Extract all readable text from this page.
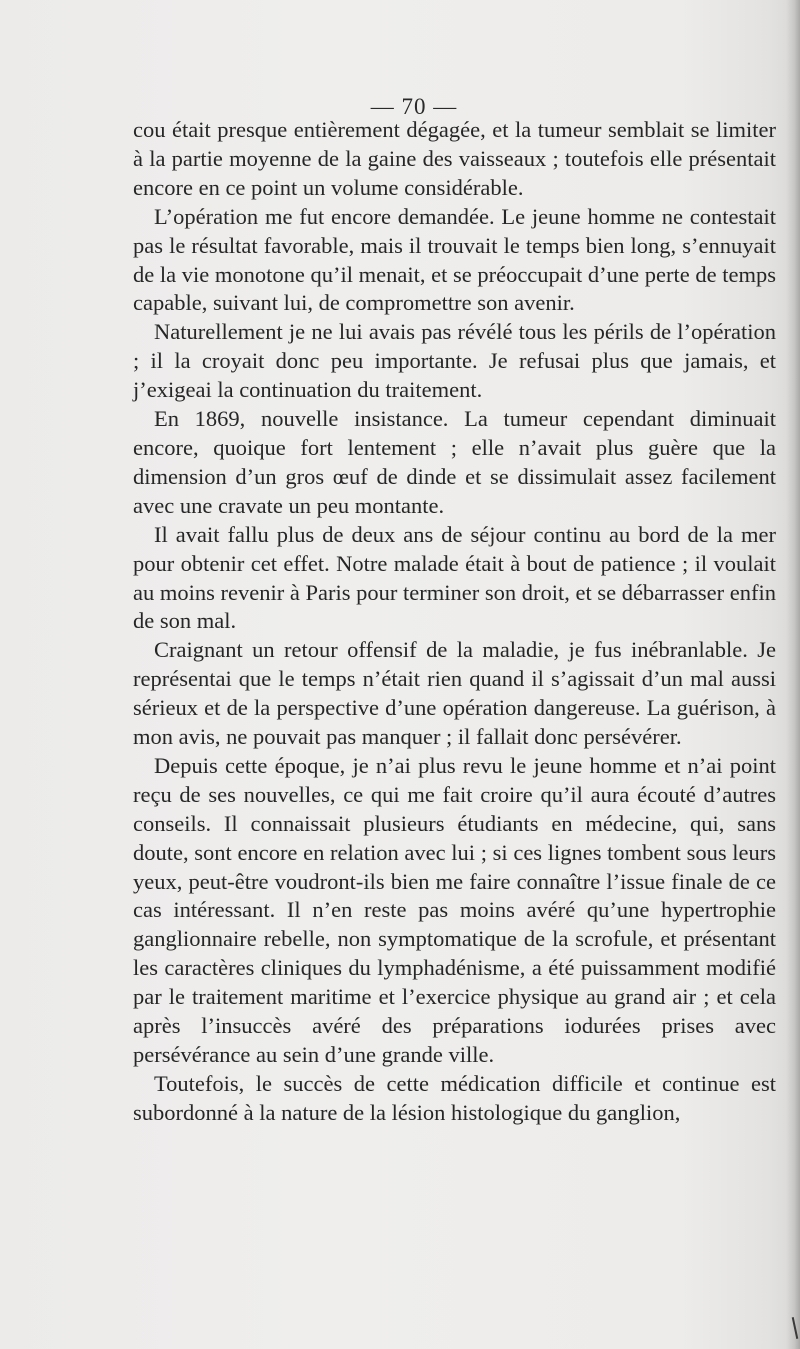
— 70 —

cou était presque entièrement dégagée, et la tumeur semblait se limiter à la partie moyenne de la gaine des vaisseaux ; toutefois elle présentait encore en ce point un volume considérable.

L’opération me fut encore demandée. Le jeune homme ne contestait pas le résultat favorable, mais il trouvait le temps bien long, s’ennuyait de la vie monotone qu’il menait, et se préoccupait d’une perte de temps capable, suivant lui, de compromettre son avenir.

Naturellement je ne lui avais pas révélé tous les périls de l’opération ; il la croyait donc peu importante. Je refusai plus que jamais, et j’exigeai la continuation du traitement.

En 1869, nouvelle insistance. La tumeur cependant diminuait encore, quoique fort lentement ; elle n’avait plus guère que la dimension d’un gros œuf de dinde et se dissimulait assez facilement avec une cravate un peu montante.

Il avait fallu plus de deux ans de séjour continu au bord de la mer pour obtenir cet effet. Notre malade était à bout de patience ; il voulait au moins revenir à Paris pour terminer son droit, et se débarrasser enfin de son mal.

Craignant un retour offensif de la maladie, je fus inébranlable. Je représentai que le temps n’était rien quand il s’agissait d’un mal aussi sérieux et de la perspective d’une opération dangereuse. La guérison, à mon avis, ne pouvait pas manquer ; il fallait donc persévérer.

Depuis cette époque, je n’ai plus revu le jeune homme et n’ai point reçu de ses nouvelles, ce qui me fait croire qu’il aura écouté d’autres conseils. Il connaissait plusieurs étudiants en médecine, qui, sans doute, sont encore en relation avec lui ; si ces lignes tombent sous leurs yeux, peut-être voudront-ils bien me faire connaître l’issue finale de ce cas intéressant. Il n’en reste pas moins avéré qu’une hypertrophie ganglionnaire rebelle, non symptomatique de la scrofule, et présentant les caractères cliniques du lymphadénisme, a été puissamment modifié par le traitement maritime et l’exercice physique au grand air ; et cela après l’insuccès avéré des préparations iodurées prises avec persévérance au sein d’une grande ville.

Toutefois, le succès de cette médication difficile et continue est subordonné à la nature de la lésion histologique du ganglion,
